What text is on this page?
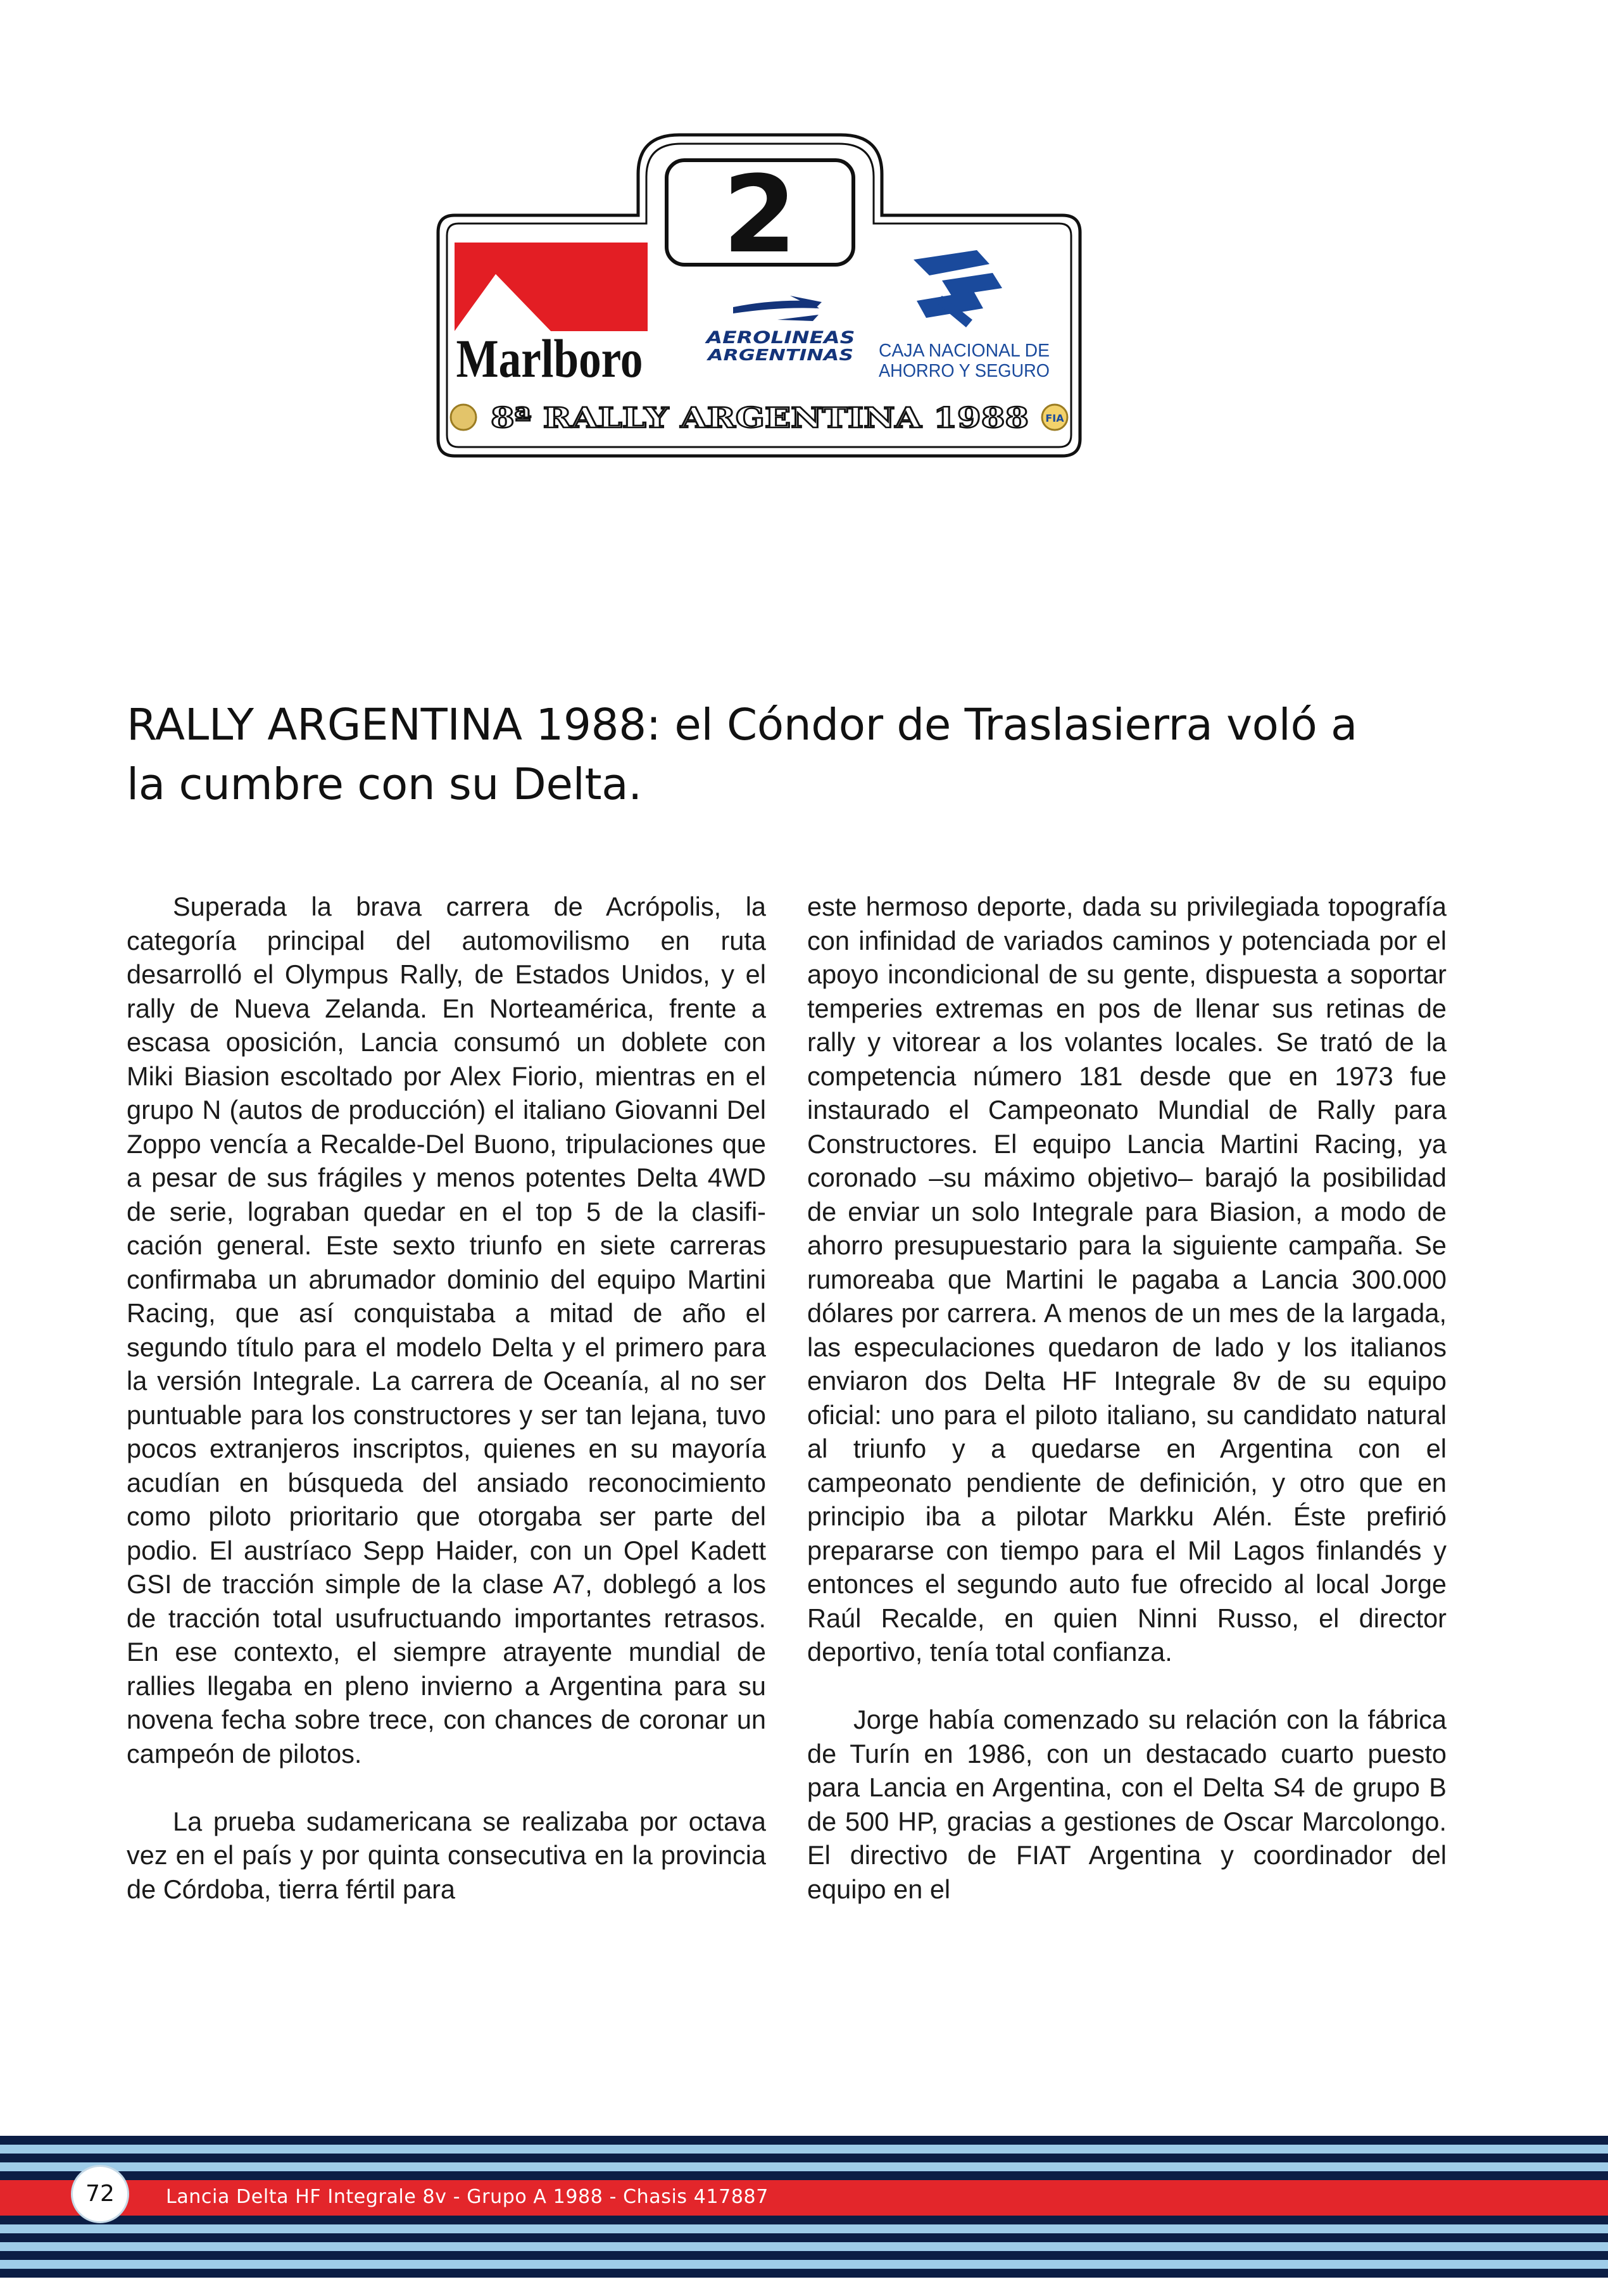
2
Marlboro	AEROLINEAS
ARGENTINAS CAJA NACIONAL DE
AHORRO Y SEGURO
8ª RALLY ARGENTINA 1988 FIA
RALLY ARGENTINA 1988: el Cóndor de Traslasierra voló a
la cumbre con su Delta.

Superada la brava carrera de Acrópolis, la categoría principal del automovilismo en ruta desarrolló el Olympus Rally, de Estados Unidos, y el rally de Nueva Zelanda. En Norteamérica, frente a escasa oposición, Lancia consumó un doblete con Miki Biasion escoltado por Alex Fiorio, mientras en el grupo N (autos de producción) el italiano Giovanni Del Zoppo vencía a Recalde-Del Buono, tripulaciones que a pesar de sus frágiles y menos potentes Delta 4WD de serie, lograban quedar en el top 5 de la clasificación general. Este sexto triunfo en siete carreras confirmaba un abrumador dominio del equipo Martini Racing, que así conquistaba a mitad de año el segundo título para el modelo Delta y el primero para la versión Integrale. La carrera de Oceanía, al no ser puntuable para los constructores y ser tan lejana, tuvo pocos extranjeros inscriptos, quienes en su mayoría acudían en búsqueda del ansiado reconocimiento como piloto prioritario que otorgaba ser parte del podio. El austríaco Sepp Haider, con un Opel Kadett GSI de tracción simple de la clase A7, doblegó a los de tracción total usufructuando importantes retrasos. En ese contexto, el siempre atrayente mundial de rallies llegaba en pleno invierno a Argentina para su novena fecha sobre trece, con chances de coronar un campeón de pilotos.

La prueba sudamericana se realizaba por octava vez en el país y por quinta consecutiva en la provincia de Córdoba, tierra fértil para

este hermoso deporte, dada su privilegiada topografía con infinidad de variados caminos y potenciada por el apoyo incondicional de su gente, dispuesta a soportar temperies extremas en pos de llenar sus retinas de rally y vitorear a los volantes locales. Se trató de la competencia número 181 desde que en 1973 fue instaurado el Campeonato Mundial de Rally para Constructores. El equipo Lancia Martini Racing, ya coronado –su máximo objetivo– barajó la posibilidad de enviar un solo Integrale para Biasion, a modo de ahorro presupuestario para la siguiente campaña. Se rumoreaba que Martini le pagaba a Lancia 300.000 dólares por carrera. A menos de un mes de la largada, las especulaciones quedaron de lado y los italianos enviaron dos Delta HF Integrale 8v de su equipo oficial: uno para el piloto italiano, su candidato natural al triunfo y a quedarse en Argentina con el campeonato pendiente de definición, y otro que en principio iba a pilotar Markku Alén. Éste prefirió prepararse con tiempo para el Mil Lagos finlandés y entonces el segundo auto fue ofrecido al local Jorge Raúl Recalde, en quien Ninni Russo, el director deportivo, tenía total confianza.

Jorge había comenzado su relación con la fábrica de Turín en 1986, con un destacado cuarto puesto para Lancia en Argentina, con el Delta S4 de grupo B de 500 HP, gracias a gestiones de Oscar Marcolongo. El directivo de FIAT Argentina y coordinador del equipo en el

72	Lancia Delta HF Integrale 8v - Grupo A 1988 - Chasis 417887
